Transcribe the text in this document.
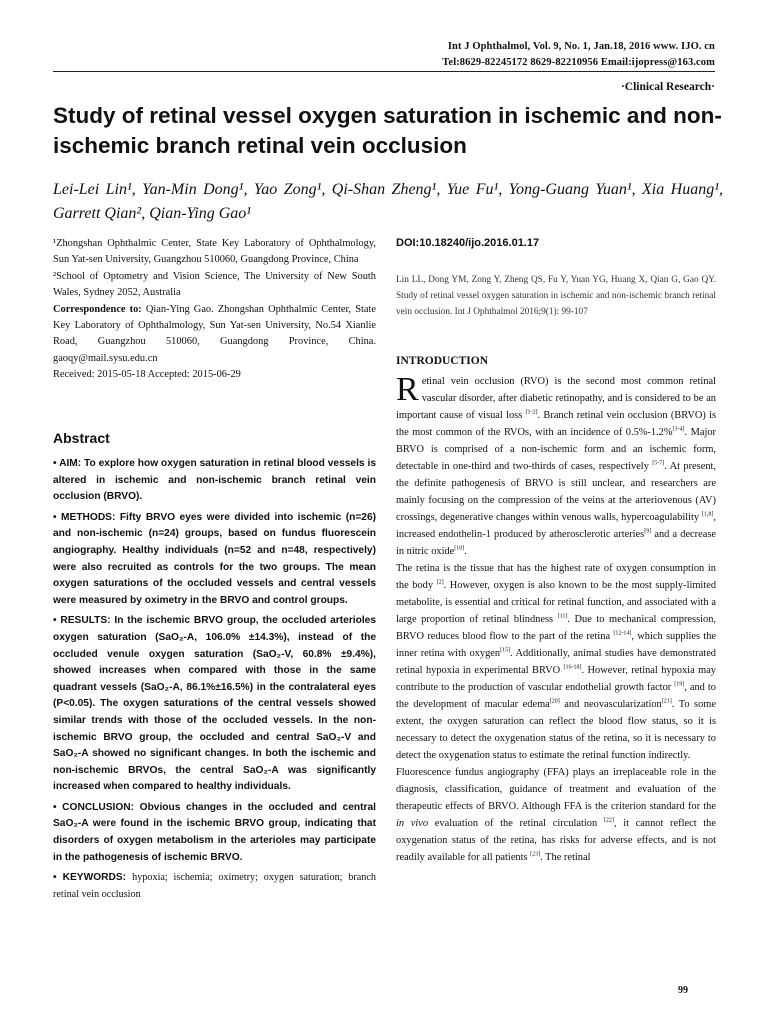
Int J Ophthalmol, Vol. 9, No. 1, Jan.18, 2016 www. IJO. cn
Tel:8629-82245172 8629-82210956 Email:ijopress@163.com
·Clinical Research·
Study of retinal vessel oxygen saturation in ischemic and non-ischemic branch retinal vein occlusion
Lei-Lei Lin¹, Yan-Min Dong¹, Yao Zong¹, Qi-Shan Zheng¹, Yue Fu¹, Yong-Guang Yuan¹, Xia Huang¹, Garrett Qian², Qian-Ying Gao¹

¹Zhongshan Ophthalmic Center, State Key Laboratory of Ophthalmology, Sun Yat-sen University, Guangzhou 510060, Guangdong Province, China

²School of Optometry and Vision Science, The University of New South Wales, Sydney 2052, Australia

Correspondence to: Qian-Ying Gao. Zhongshan Ophthalmic Center, State Key Laboratory of Ophthalmology, Sun Yat-sen University, No.54 Xianlie Road, Guangzhou 510060, Guangdong Province, China. gaoqy@mail.sysu.edu.cn

Received: 2015-05-18 Accepted: 2015-06-29

Abstract

• AIM: To explore how oxygen saturation in retinal blood vessels is altered in ischemic and non-ischemic branch retinal vein occlusion (BRVO).

• METHODS: Fifty BRVO eyes were divided into ischemic (n=26) and non-ischemic (n=24) groups, based on fundus fluorescein angiography. Healthy individuals (n=52 and n=48, respectively) were also recruited as controls for the two groups. The mean oxygen saturations of the occluded vessels and central vessels were measured by oximetry in the BRVO and control groups.

• RESULTS: In the ischemic BRVO group, the occluded arterioles oxygen saturation (SaO₂-A, 106.0% ±14.3%), instead of the occluded venule oxygen saturation (SaO₂-V, 60.8% ±9.4%), showed increases when compared with those in the same quadrant vessels (SaO₂-A, 86.1%±16.5%) in the contralateral eyes (P<0.05). The oxygen saturations of the central vessels showed similar trends with those of the occluded vessels. In the non-ischemic BRVO group, the occluded and central SaO₂-V and SaO₂-A showed no significant changes. In both the ischemic and non-ischemic BRVOs, the central SaO₂-A was significantly increased when compared to healthy individuals.

• CONCLUSION: Obvious changes in the occluded and central SaO₂-A were found in the ischemic BRVO group, indicating that disorders of oxygen metabolism in the arterioles may participate in the pathogenesis of ischemic BRVO.

• KEYWORDS: hypoxia; ischemia; oximetry; oxygen saturation; branch retinal vein occlusion

DOI:10.18240/ijo.2016.01.17
Lin LL, Dong YM, Zong Y, Zheng QS, Fu Y, Yuan YG, Huang X, Qian G, Gao QY. Study of retinal vessel oxygen saturation in ischemic and non-ischemic branch retinal vein occlusion. Int J Ophthalmol 2016;9(1): 99-107
INTRODUCTION

Retinal vein occlusion (RVO) is the second most common retinal vascular disorder, after diabetic retinopathy, and is considered to be an important cause of visual loss [1-2]. Branch retinal vein occlusion (BRVO) is the most common of the RVOs, with an incidence of 0.5%-1.2%[3-4]. Major BRVO is comprised of a non-ischemic form and an ischemic form, detectable in one-third and two-thirds of cases, respectively [5-7]. At present, the definite pathogenesis of BRVO is still unclear, and researchers are mainly focusing on the compression of the veins at the arteriovenous (AV) crossings, degenerative changes within venous walls, hypercoagulability [1,8], increased endothelin-1 produced by atherosclerotic arteries[9] and a decrease in nitric oxide[10].

The retina is the tissue that has the highest rate of oxygen consumption in the body [2]. However, oxygen is also known to be the most supply-limited metabolite, is essential and critical for retinal function, and associated with a large proportion of retinal blindness [11]. Due to mechanical compression, BRVO reduces blood flow to the part of the retina [12-14], which supplies the inner retina with oxygen[15]. Additionally, animal studies have demonstrated retinal hypoxia in experimental BRVO [16-18]. However, retinal hypoxia may contribute to the production of vascular endothelial growth factor [19], and to the development of macular edema[20] and neovascularization[21]. To some extent, the oxygen saturation can reflect the blood flow status, so it is necessary to detect the oxygenation status of the retina, so it is necessary to detect the oxygenation status to estimate the retinal function indirectly.

Fluorescence fundus angiography (FFA) plays an irreplaceable role in the diagnosis, classification, guidance of treatment and evaluation of the therapeutic effects of BRVO. Although FFA is the criterion standard for the in vivo evaluation of the retinal circulation [22], it cannot reflect the oxygenation status of the retina, has risks for adverse effects, and is not readily available for all patients [23]. The retinal

99
